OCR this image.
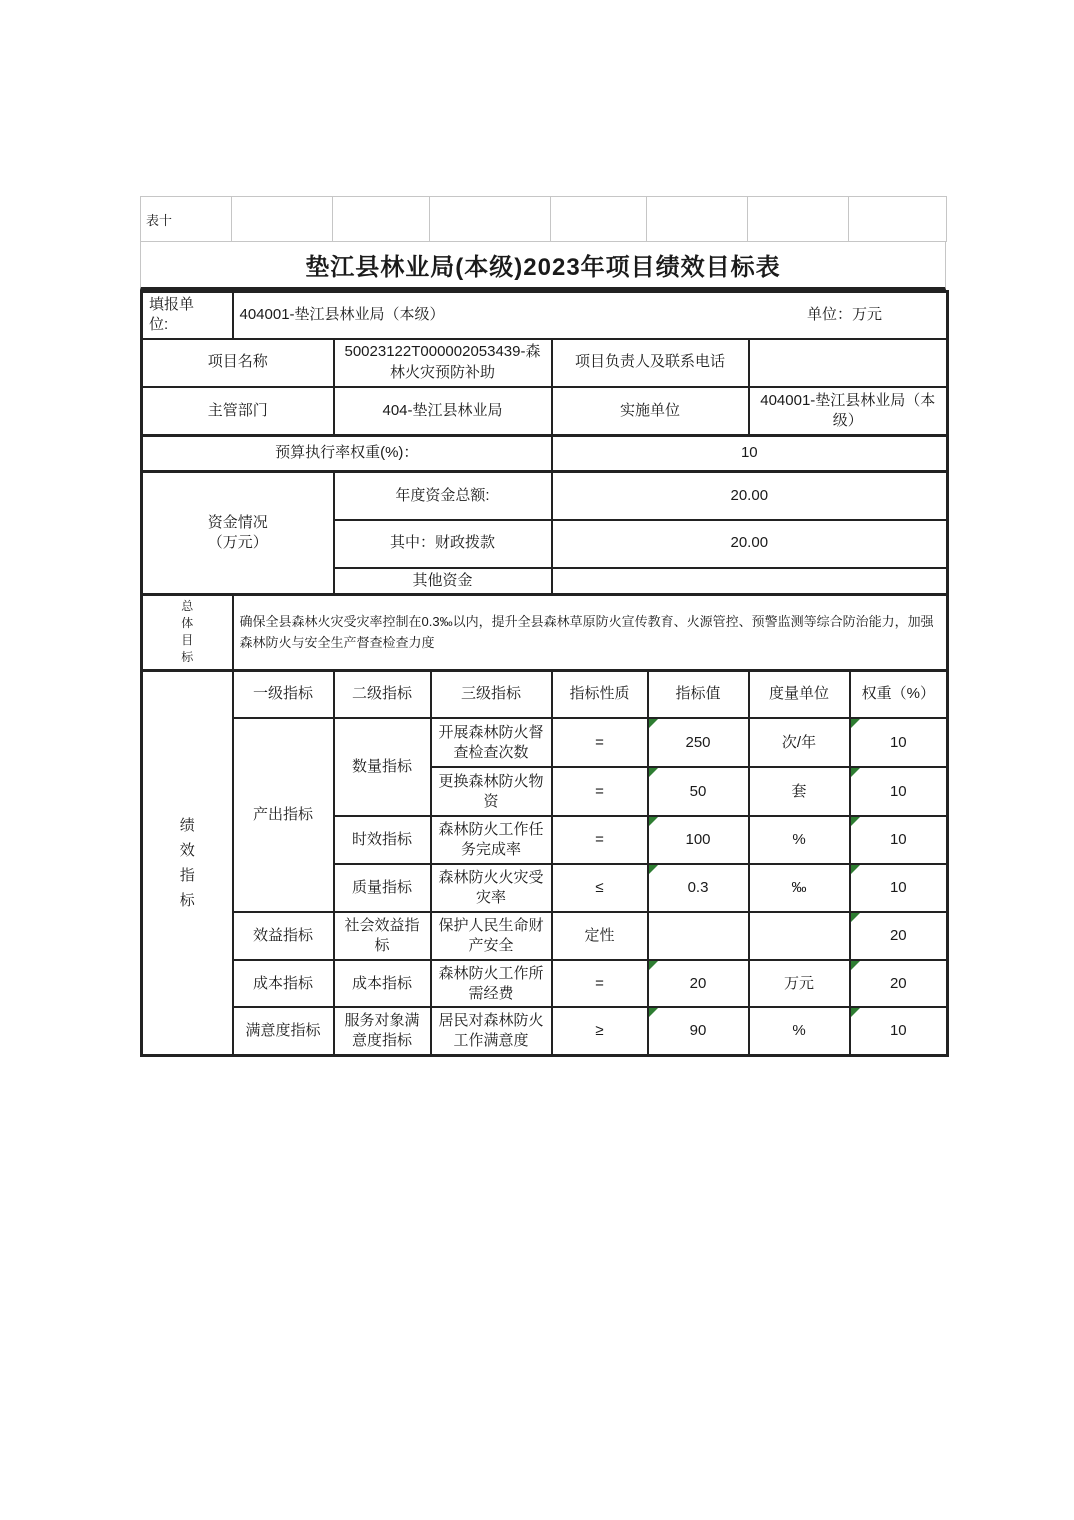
表十							
垫江县林业局(本级)2023年项目绩效目标表
填报单位:	404001-垫江县林业局（本级） 单位：万元						

项目名称		50023122T000002053439-森林火灾预防补助		项目负责人及联系电话			
主管部门		404-垫江县林业局		实施单位		404001-垫江县林业局（本级）	
预算执行率权重(%)：				10			

资金情况
（万元）		年度资金总额:		20.00			
		其中：财政拨款		20.00			
		其他资金					

总体目标	确保全县森林火灾受灾率控制在0.3‰以内，提升全县森林草原防火宣传教育、火源管控、预警监测等综合防治能力，加强森林防火与安全生产督查检查力度						

绩效指标	一级指标	二级指标	三级指标	指标性质	指标值	度量单位	权重（%）
	产出指标	数量指标	开展森林防火督查检查次数	=	250	次/年	10
			更换森林防火物资	=	50	套	10
		时效指标	森林防火工作任务完成率	=	100	%	10
		质量指标	森林防火火灾受灾率	≤	0.3	‰	10
	效益指标	社会效益指标	保护人民生命财产安全	定性			20
	成本指标	成本指标	森林防火工作所需经费	=	20	万元	20
	满意度指标	服务对象满意度指标	居民对森林防火工作满意度	≥	90	%	10
